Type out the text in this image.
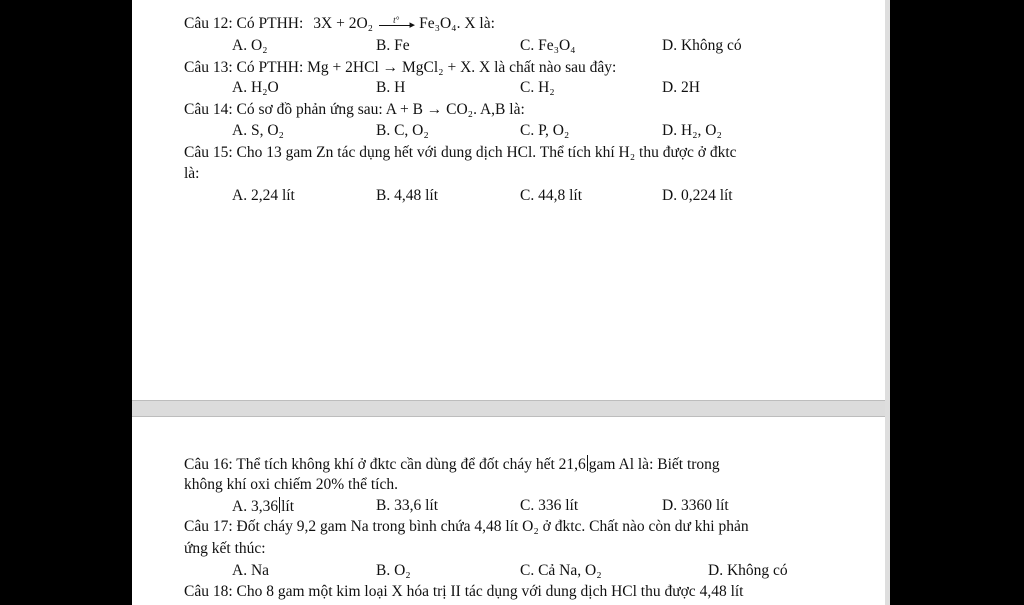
Câu 12: Có PTHH: 3X + 2O₂	▸
t° Fe₃O₄. X là:
A. O₂	B. Fe	C. Fe₃O₄	D. Không có
Câu 13: Có PTHH: Mg + 2HCl → MgCl₂ + X. X là chất nào sau đây:
A. H₂O	B. H	C. H₂	D. 2H
Câu 14: Có sơ đồ phản ứng sau: A + B → CO₂. A,B là:
A. S, O₂	B. C, O₂	C. P, O₂	D. H₂, O₂
Câu 15: Cho 13 gam Zn tác dụng hết với dung dịch HCl. Thể tích khí H₂ thu được ở đktc
là:
A. 2,24 lít	B. 4,48 lít	C. 44,8 lít	D. 0,224 lít
Câu 16: Thể tích không khí ở đktc cần dùng để đốt cháy hết 21,6 gam Al là: Biết trong
không khí oxi chiếm 20% thể tích.
A. 3,36 lít	B. 33,6 lít	C. 336 lít	D. 3360 lít
Câu 17: Đốt cháy 9,2 gam Na trong bình chứa 4,48 lít O₂ ở đktc. Chất nào còn dư khi phản
ứng kết thúc:
A. Na	B. O₂	C. Cả Na, O₂	D. Không có
Câu 18: Cho 8 gam một kim loại X hóa trị II tác dụng với dung dịch HCl thu được 4,48 lít
